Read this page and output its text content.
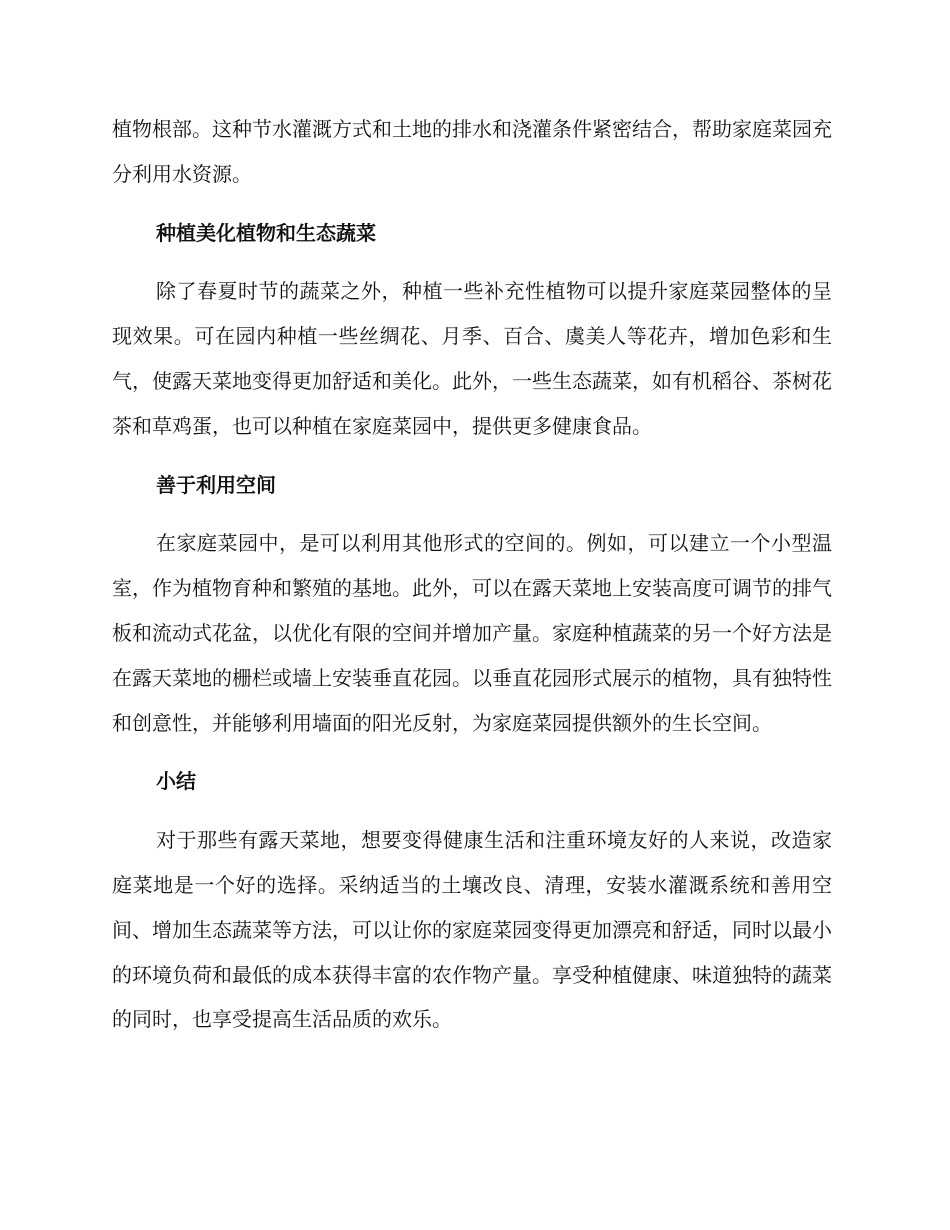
植物根部。这种节水灌溉方式和土地的排水和浇灌条件紧密结合，帮助家庭菜园充分利用水资源。

种植美化植物和生态蔬菜

除了春夏时节的蔬菜之外，种植一些补充性植物可以提升家庭菜园整体的呈现效果。可在园内种植一些丝绸花、月季、百合、虞美人等花卉，增加色彩和生气，使露天菜地变得更加舒适和美化。此外，一些生态蔬菜，如有机稻谷、茶树花茶和草鸡蛋，也可以种植在家庭菜园中，提供更多健康食品。

善于利用空间

在家庭菜园中，是可以利用其他形式的空间的。例如，可以建立一个小型温室，作为植物育种和繁殖的基地。此外，可以在露天菜地上安装高度可调节的排气板和流动式花盆，以优化有限的空间并增加产量。家庭种植蔬菜的另一个好方法是在露天菜地的栅栏或墙上安装垂直花园。以垂直花园形式展示的植物，具有独特性和创意性，并能够利用墙面的阳光反射，为家庭菜园提供额外的生长空间。

小结

对于那些有露天菜地，想要变得健康生活和注重环境友好的人来说，改造家庭菜地是一个好的选择。采纳适当的土壤改良、清理，安装水灌溉系统和善用空间、增加生态蔬菜等方法，可以让你的家庭菜园变得更加漂亮和舒适，同时以最小的环境负荷和最低的成本获得丰富的农作物产量。享受种植健康、味道独特的蔬菜的同时，也享受提高生活品质的欢乐。
